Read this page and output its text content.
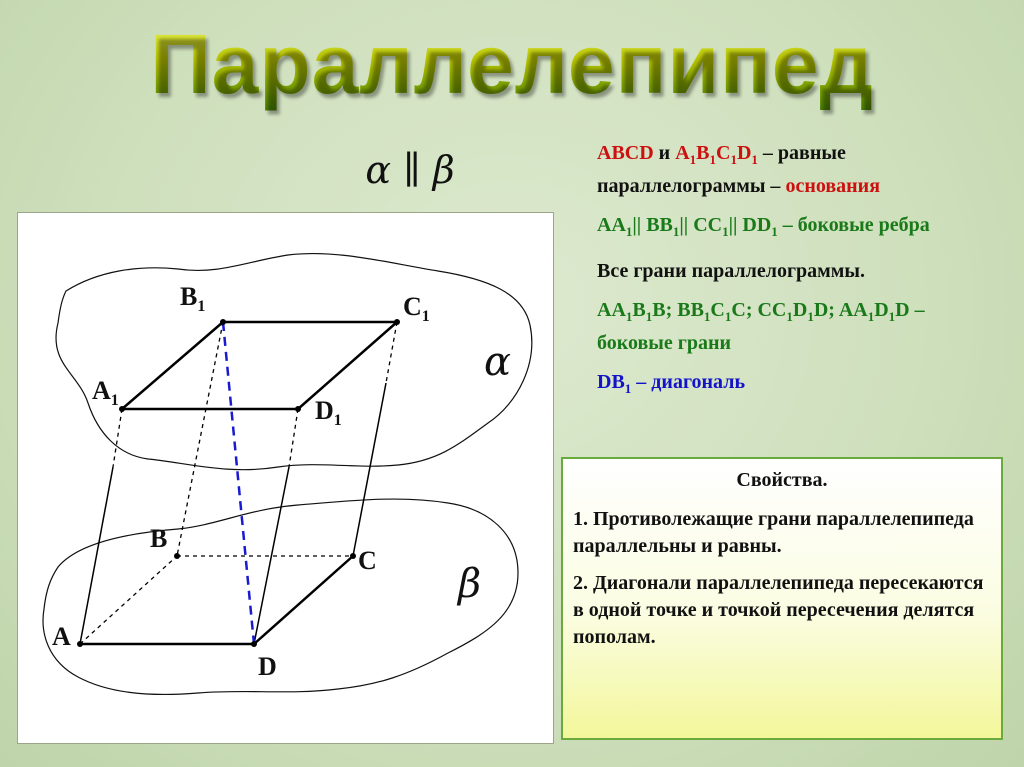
Параллелепипед
α ∥ β
$B_1$	$C_1$
$A_1$	$D_1$
B
C
A
D
α
β

ABCD и $A_1B_1C_1D_1$ – равные параллелограммы – основания

$AA_1||$ $BB_1||$ $CC_1||$ $DD_1$ – боковые ребра

Все грани параллелограммы.

$AA_1B_1B$; $BB_1C_1C$; $CC_1D_1D$; $AA_1D_1D$ – боковые грани

$DB_1$ – диагональ

Свойства.
1. Противолежащие грани параллелепипеда параллельны и равны.
2. Диагонали параллелепипеда пересекаются в одной точке и точкой пересечения делятся пополам.
